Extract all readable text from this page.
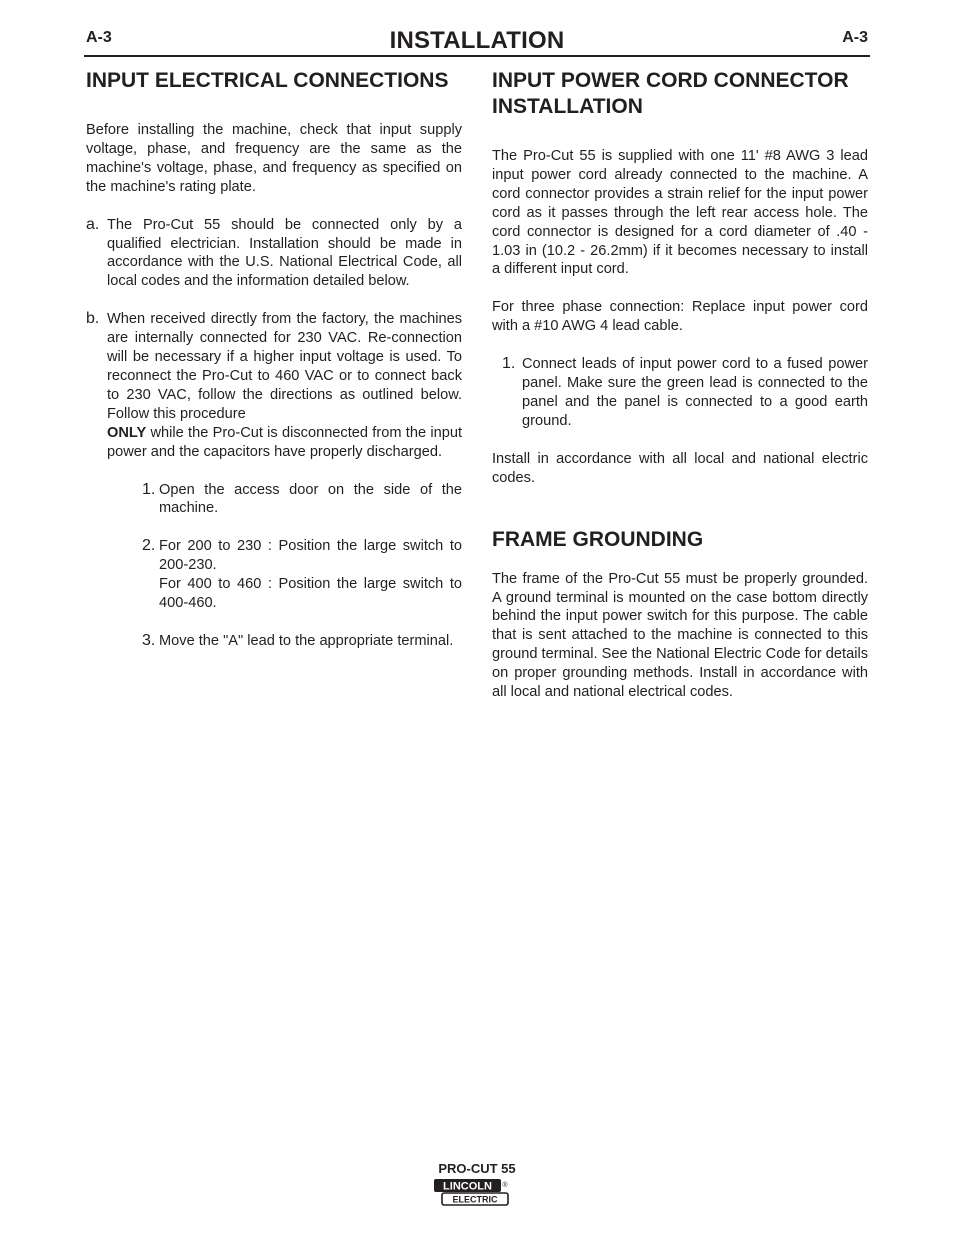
A-3	INSTALLATION	A-3
INPUT ELECTRICAL CONNECTIONS

Before installing the machine, check that input supply voltage, phase, and frequency are the same as the machine's voltage, phase, and frequency as specified on the machine's rating plate.

a. The Pro-Cut 55 should be connected only by a qualified electrician. Installation should be made in accordance with the U.S. National Electrical Code, all local codes and the information detailed below.

b. When received directly from the factory, the machines are internally connected for 230 VAC. Re-connection will be necessary if a higher input voltage is used. To reconnect the Pro-Cut to 460 VAC or to connect back to 230 VAC, follow the directions as outlined below. Follow this procedure
ONLY while the Pro-Cut is disconnected from the input power and the capacitors have properly discharged.

1. Open the access door on the side of the machine.

2. For 200 to 230 : Position the large switch to 200-230.

For 400 to 460 : Position the large switch to 400-460.

3. Move the "A" lead to the appropriate terminal.

INPUT POWER CORD CONNECTOR INSTALLATION

The Pro-Cut 55 is supplied with one 11' #8 AWG 3 lead input power cord already connected to the machine. A cord connector provides a strain relief for the input power cord as it passes through the left rear access hole. The cord connector is designed for a cord diameter of .40 - 1.03 in (10.2 - 26.2mm) if it becomes necessary to install a different input cord.

For three phase connection: Replace input power cord with a #10 AWG 4 lead cable.

1. Connect leads of input power cord to a fused power panel. Make sure the green lead is connected to the panel and the panel is connected to a good earth ground.

Install in accordance with all local and national electric codes.

FRAME GROUNDING

The frame of the Pro-Cut 55 must be properly grounded. A ground terminal is mounted on the case bottom directly behind the input power switch for this purpose. The cable that is sent attached to the machine is connected to this ground terminal. See the National Electric Code for details on proper grounding methods. Install in accordance with all local and national electrical codes.

PRO-CUT 55
LINCOLN ®
ELECTRIC
